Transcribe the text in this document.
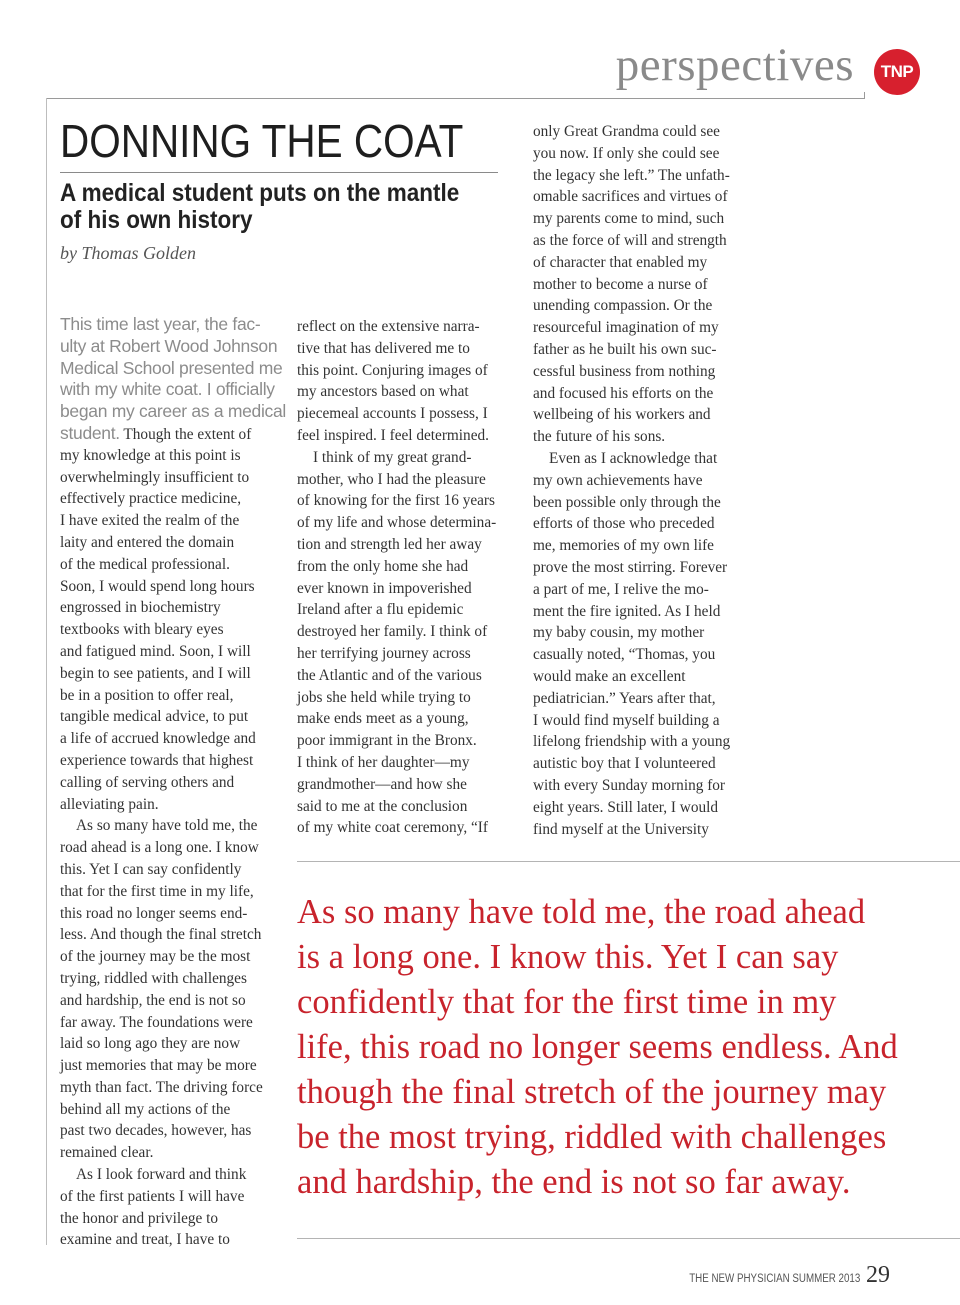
perspectives	TNP
DONNING THE COAT
A medical student puts on the mantle of his own history
by Thomas Golden
This time last year, the fac-
ulty at Robert Wood Johnson
Medical School presented me
with my white coat. I officially
began my career as a medical
student. Though the extent of
my knowledge at this point is
overwhelmingly insufficient to
effectively practice medicine,
I have exited the realm of the
laity and entered the domain
of the medical professional.
Soon, I would spend long hours
engrossed in biochemistry
textbooks with bleary eyes
and fatigued mind. Soon, I will
begin to see patients, and I will
be in a position to offer real,
tangible medical advice, to put
a life of accrued knowledge and
experience towards that highest
calling of serving others and
alleviating pain.
As so many have told me, the
road ahead is a long one. I know
this. Yet I can say confidently
that for the first time in my life,
this road no longer seems end-
less. And though the final stretch
of the journey may be the most
trying, riddled with challenges
and hardship, the end is not so
far away. The foundations were
laid so long ago they are now
just memories that may be more
myth than fact. The driving force
behind all my actions of the
past two decades, however, has
remained clear.
As I look forward and think
of the first patients I will have
the honor and privilege to
examine and treat, I have to
reflect on the extensive narra-
tive that has delivered me to
this point. Conjuring images of
my ancestors based on what
piecemeal accounts I possess, I
feel inspired. I feel determined.
I think of my great grand-
mother, who I had the pleasure
of knowing for the first 16 years
of my life and whose determina-
tion and strength led her away
from the only home she had
ever known in impoverished
Ireland after a flu epidemic
destroyed her family. I think of
her terrifying journey across
the Atlantic and of the various
jobs she held while trying to
make ends meet as a young,
poor immigrant in the Bronx.
I think of her daughter—my
grandmother—and how she
said to me at the conclusion
of my white coat ceremony, “If
only Great Grandma could see
you now. If only she could see
the legacy she left.” The unfath-
omable sacrifices and virtues of
my parents come to mind, such
as the force of will and strength
of character that enabled my
mother to become a nurse of
unending compassion. Or the
resourceful imagination of my
father as he built his own suc-
cessful business from nothing
and focused his efforts on the
wellbeing of his workers and
the future of his sons.
Even as I acknowledge that
my own achievements have
been possible only through the
efforts of those who preceded
me, memories of my own life
prove the most stirring. Forever
a part of me, I relive the mo-
ment the fire ignited. As I held
my baby cousin, my mother
casually noted, “Thomas, you
would make an excellent
pediatrician.” Years after that,
I would find myself building a
lifelong friendship with a young
autistic boy that I volunteered
with every Sunday morning for
eight years. Still later, I would
find myself at the University
As so many have told me, the road ahead
is a long one. I know this. Yet I can say
confidently that for the first time in my
life, this road no longer seems endless. And
though the final stretch of the journey may
be the most trying, riddled with challenges
and hardship, the end is not so far away.
THE NEW PHYSICIAN SUMMER 2013 29
